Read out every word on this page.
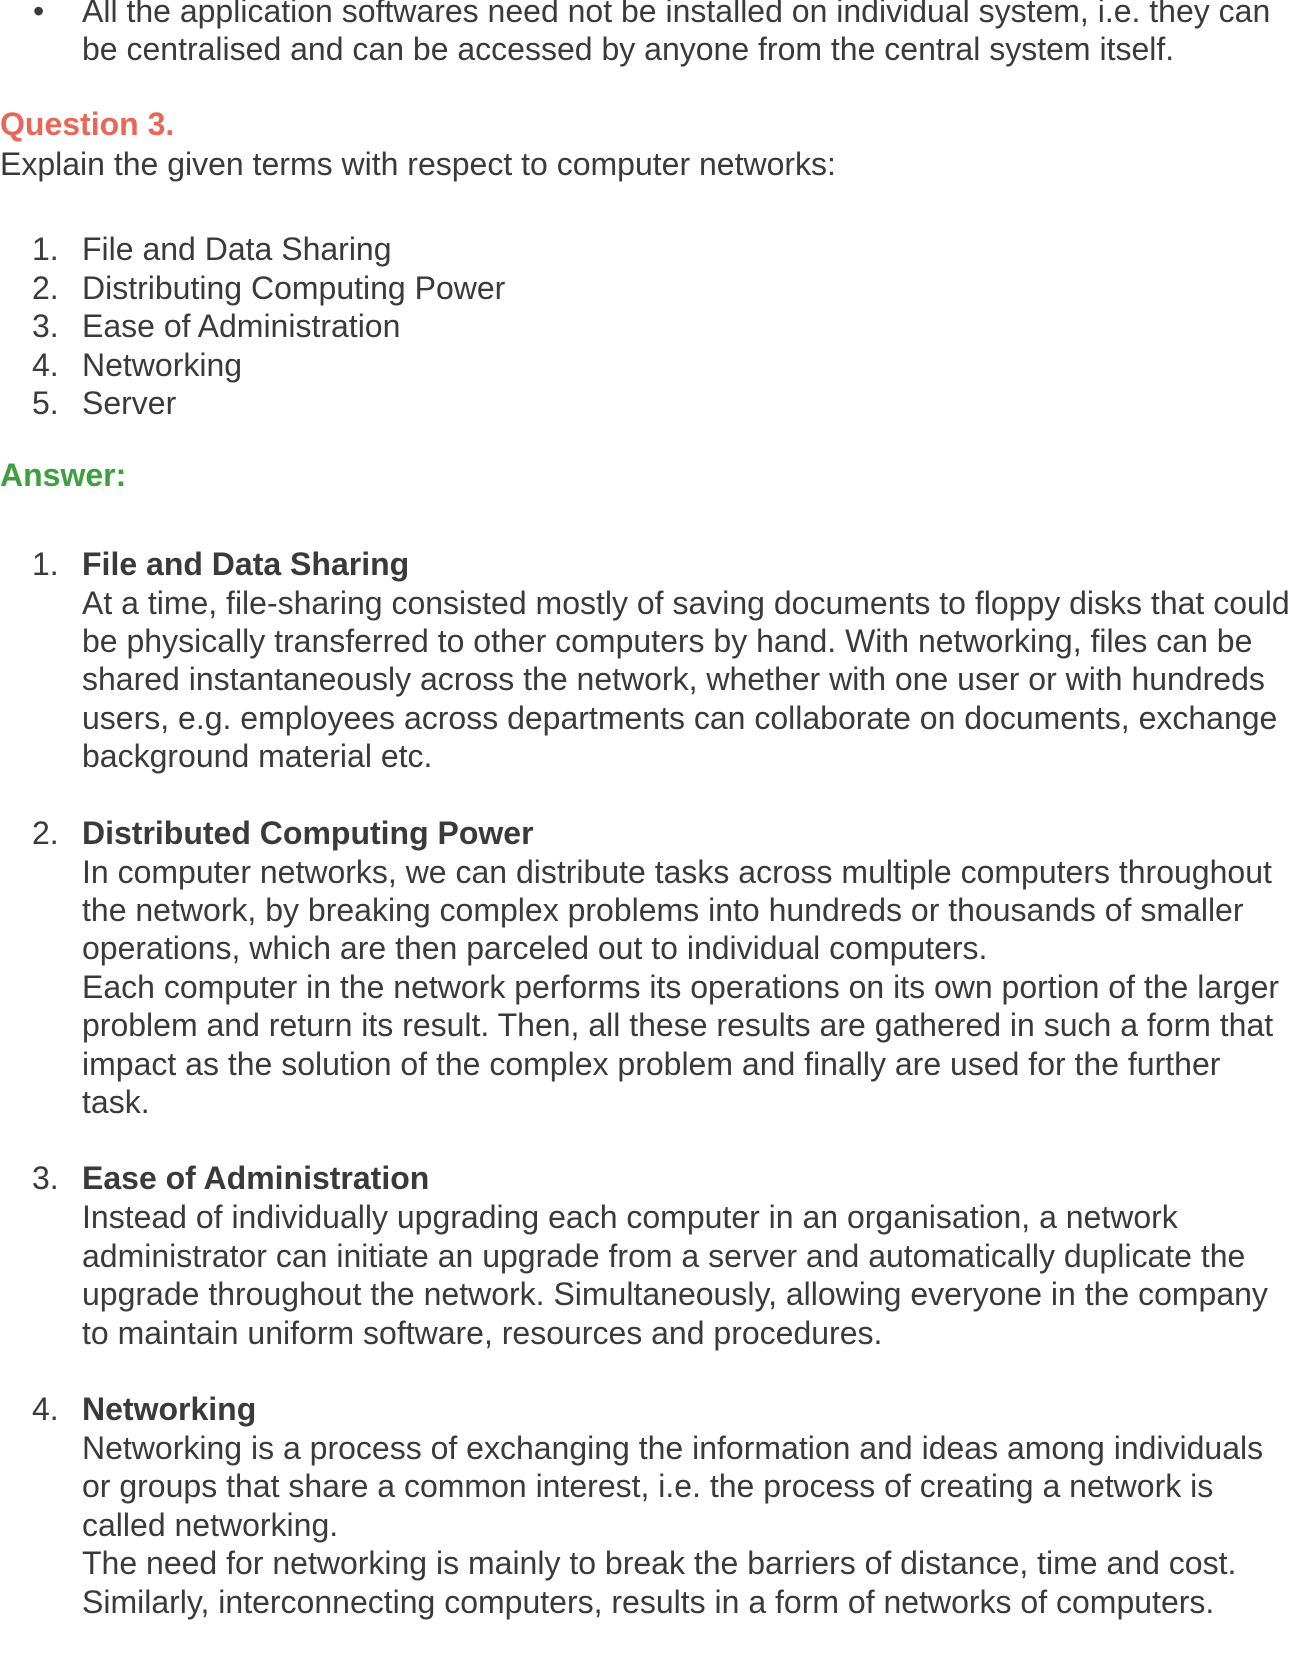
• All the application softwares need not be installed on individual system, i.e. they can be centralised and can be accessed by anyone from the central system itself.
Question 3.

Explain the given terms with respect to computer networks:

1. File and Data Sharing
2. Distributing Computing Power
3. Ease of Administration
4. Networking
5. Server
Answer:
1. File and Data Sharing

At a time, file-sharing consisted mostly of saving documents to floppy disks that could be physically transferred to other computers by hand. With networking, files can be shared instantaneously across the network, whether with one user or with hundreds users, e.g. employees across departments can collaborate on documents, exchange background material etc.

2. Distributed Computing Power

In computer networks, we can distribute tasks across multiple computers throughout the network, by breaking complex problems into hundreds or thousands of smaller operations, which are then parceled out to individual computers.

Each computer in the network performs its operations on its own portion of the larger problem and return its result. Then, all these results are gathered in such a form that impact as the solution of the complex problem and finally are used for the further task.

3. Ease of Administration

Instead of individually upgrading each computer in an organisation, a network administrator can initiate an upgrade from a server and automatically duplicate the upgrade throughout the network. Simultaneously, allowing everyone in the company to maintain uniform software, resources and procedures.

4. Networking

Networking is a process of exchanging the information and ideas among individuals or groups that share a common interest, i.e. the process of creating a network is called networking.

The need for networking is mainly to break the barriers of distance, time and cost. Similarly, interconnecting computers, results in a form of networks of computers.
